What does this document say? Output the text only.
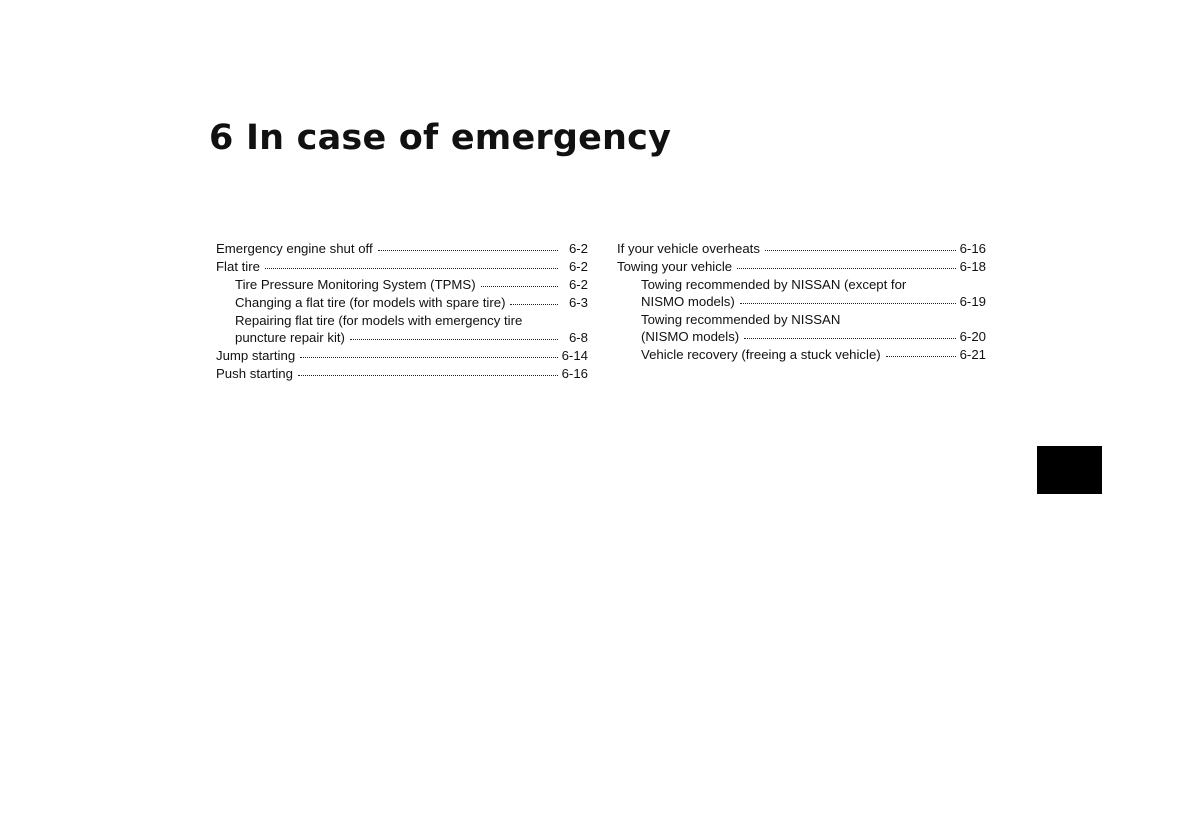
6 In case of emergency
Emergency engine shut off	6-2
Flat tire	6-2
Tire Pressure Monitoring System (TPMS)	6-2
Changing a flat tire (for models with spare tire)	6-3
Repairing flat tire (for models with emergency tire
puncture repair kit)	6-8
Jump starting	6-14
Push starting	6-16
If your vehicle overheats	6-16
Towing your vehicle	6-18
Towing recommended by NISSAN (except for
NISMO models)	6-19
Towing recommended by NISSAN
(NISMO models)	6-20
Vehicle recovery (freeing a stuck vehicle)	6-21
